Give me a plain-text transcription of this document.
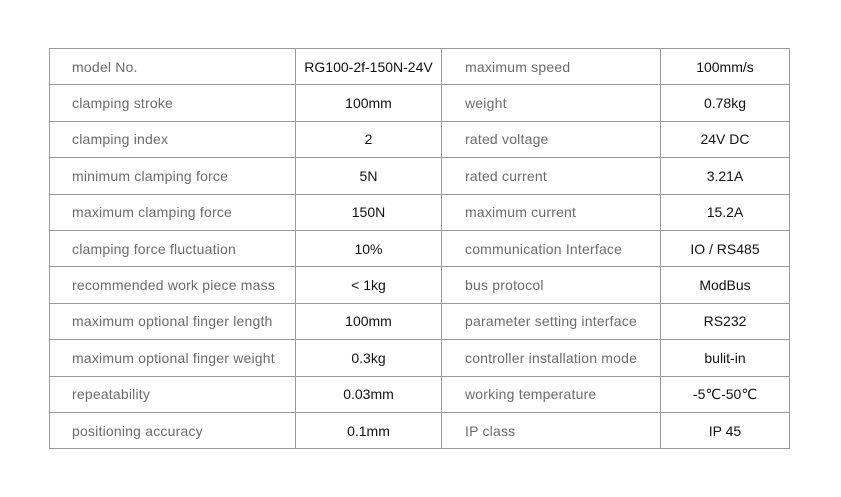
model No.	RG100-2f-150N-24V	maximum speed	100mm/s
clamping stroke	100mm	weight	0.78kg
clamping index	2	rated voltage	24V DC
minimum clamping force	5N	rated current	3.21A
maximum clamping force	150N	maximum current	15.2A
clamping force fluctuation	10%	communication Interface	IO / RS485
recommended work piece mass	< 1kg	bus protocol	ModBus
maximum optional finger length	100mm	parameter setting interface	RS232
maximum optional finger weight	0.3kg	controller installation mode	bulit-in
repeatability	0.03mm	working temperature	-5℃-50℃
positioning accuracy	0.1mm	IP class	IP 45
